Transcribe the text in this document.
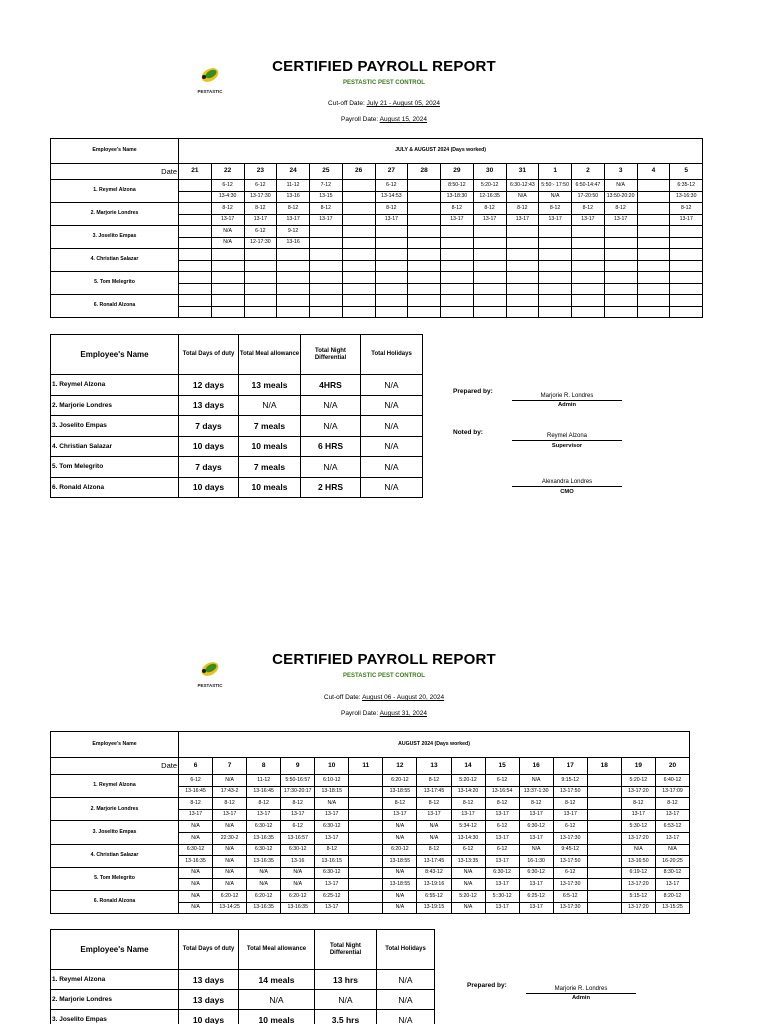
PESTASTIC
CERTIFIED PAYROLL REPORT
PESTASTIC PEST CONTROL
Cut-off Date: July 21 - August 05, 2024
Payroll Date: August 15, 2024
Employee's Name	JULY & AUGUST 2024 (Days worked)															
Date	21	22	23	24	25	26	27	28	29	30	31	1	2	3	4	5
1. Reymel Alzona		6-12	6-12	11-12	7-12		6-12		8:50-12	5:20-12	6:30-12:43	5:50:- 17:50	6:50-14:47	N/A		6:35-12
		13-4:30	13-17:30	13-16	13-15		13-14:53		13-18:30	12-16:35	N/A	N/A	17-20:50	13:50-20:20		13-16:30
2. Marjorie Londres		8-12	8-12	8-12	8-12		8-12		8-12	8-12	8-12	8-12	8-12	8-12		8-12
		13-17	13-17	13-17	13-17		13-17		13-17	13-17	13-17	13-17	13-17	13-17		13-17
3. Joselito Empas		N/A	6-12	9-12												
		N/A	12-17:30	13-16												
4. Christian Salazar																

5. Tom Melegrito																

6. Ronald Alzona																

Employee's Name	Total Days of duty	Total Meal allowance	Total Night Differential	Total Holidays
1. Reymel Alzona	12 days	13 meals	4HRS	N/A
2. Marjorie Londres	13 days	N/A	N/A	N/A
3. Joselito Empas	7 days	7 meals	N/A	N/A
4. Christian Salazar	10 days	10 meals	6 HRS	N/A
5. Tom Melegrito	7 days	7 meals	N/A	N/A
6. Ronald Alzona	10 days	10 meals	2 HRS	N/A
Prepared by:
Marjorie R. Londres
Admin
Noted by:	Reymel Alzona
Supervisor
Alexandra Londres
CMO
PESTASTIC
CERTIFIED PAYROLL REPORT
PESTASTIC PEST CONTROL
Cut-off Date: August 06 - August 20, 2024
Payroll Date: August 31, 2024
Employee's Name	AUGUST 2024 (Days worked)														
Date	6	7	8	9	10	11	12	13	14	15	16	17	18	19	20
1. Reymel Alzona	6-12	N/A	11-12	5:50-16:57	6:10-12		6:20-12	8-12	5:20-12	6-12	N/A	9:15-12		5:20-12	6:40-12
	13-16:45	17:43-2	13-16:45	17:30-20:17	13-18:15		13-18:55	13-17:45	13-14:20	13-16:54	13:37-1:30	13-17:50		13-17:20	13-17:09
2. Marjorie Londres	8-12	8-12	8-12	8-12	N/A		8-12	8-12	8-12	8-12	8-12	8-12		8-12	8-12
	13-17	13-17	13-17	13-17	13-17		13-17	13-17	13-17	13-17	13-17	13-17		13-17	13-17
3. Joselito Empas	N/A	N/A	6:30-12	6-12	6:30-12		N/A	N/A	5:34-12	6-12	6:30-12	6-12		5:30-12	6:53-12
	N/A	22:30-2	13-16:35	13-16:57	13-17		N/A	N/A	13-14:30	13-17	13-17	13-17:30		13-17:20	13-17
4. Christian Salazar	6:30-12	N/A	6:30-12	6:30-12	8-12		6:20-12	8-12	6-12	6-12	N/A	9:45-12		N/A	N/A
	13-16:35	N/A	13-16:35	13-16	13-16:15		13-18:55	13-17:45	13-13:35	13-17	16-1:30	13-17:50		13-16:50	16-20:25
5. Tom Melegrito	N/A	N/A	N/A	N/A	6:30-12		N/A	8:43-12	N/A	6:30-12	6:30-12	6-12		6:19-12	8:30-12
	N/A	N/A	N/A	N/A	13-17		13-18:55	13-19:16	N/A	13-17	13-17	13-17:30		13-17:20	13-17
6. Ronald Alzona	N/A	6:20-12	6:20-12	6:20-12	6:25-12		N/A	6:55-12	5:20-12	5::30-12	6:25-12	6:5-12		5:15-12	8:20-12
	N/A	13-14:25	13-16:35	13-16:35	13-17		N/A	13-19:15	N/A	13-17	13-17	13-17:30		13-17:20	13-15:25
Employee's Name	Total Days of duty	Total Meal allowance	Total Night Differential	Total Holidays
1. Reymel Alzona	13 days	14 meals	13 hrs	N/A
2. Marjorie Londres	13 days	N/A	N/A	N/A
3. Joselito Empas	10 days	10 meals	3.5 hrs	N/A
Prepared by:	Marjorie R. Londres
Admin
